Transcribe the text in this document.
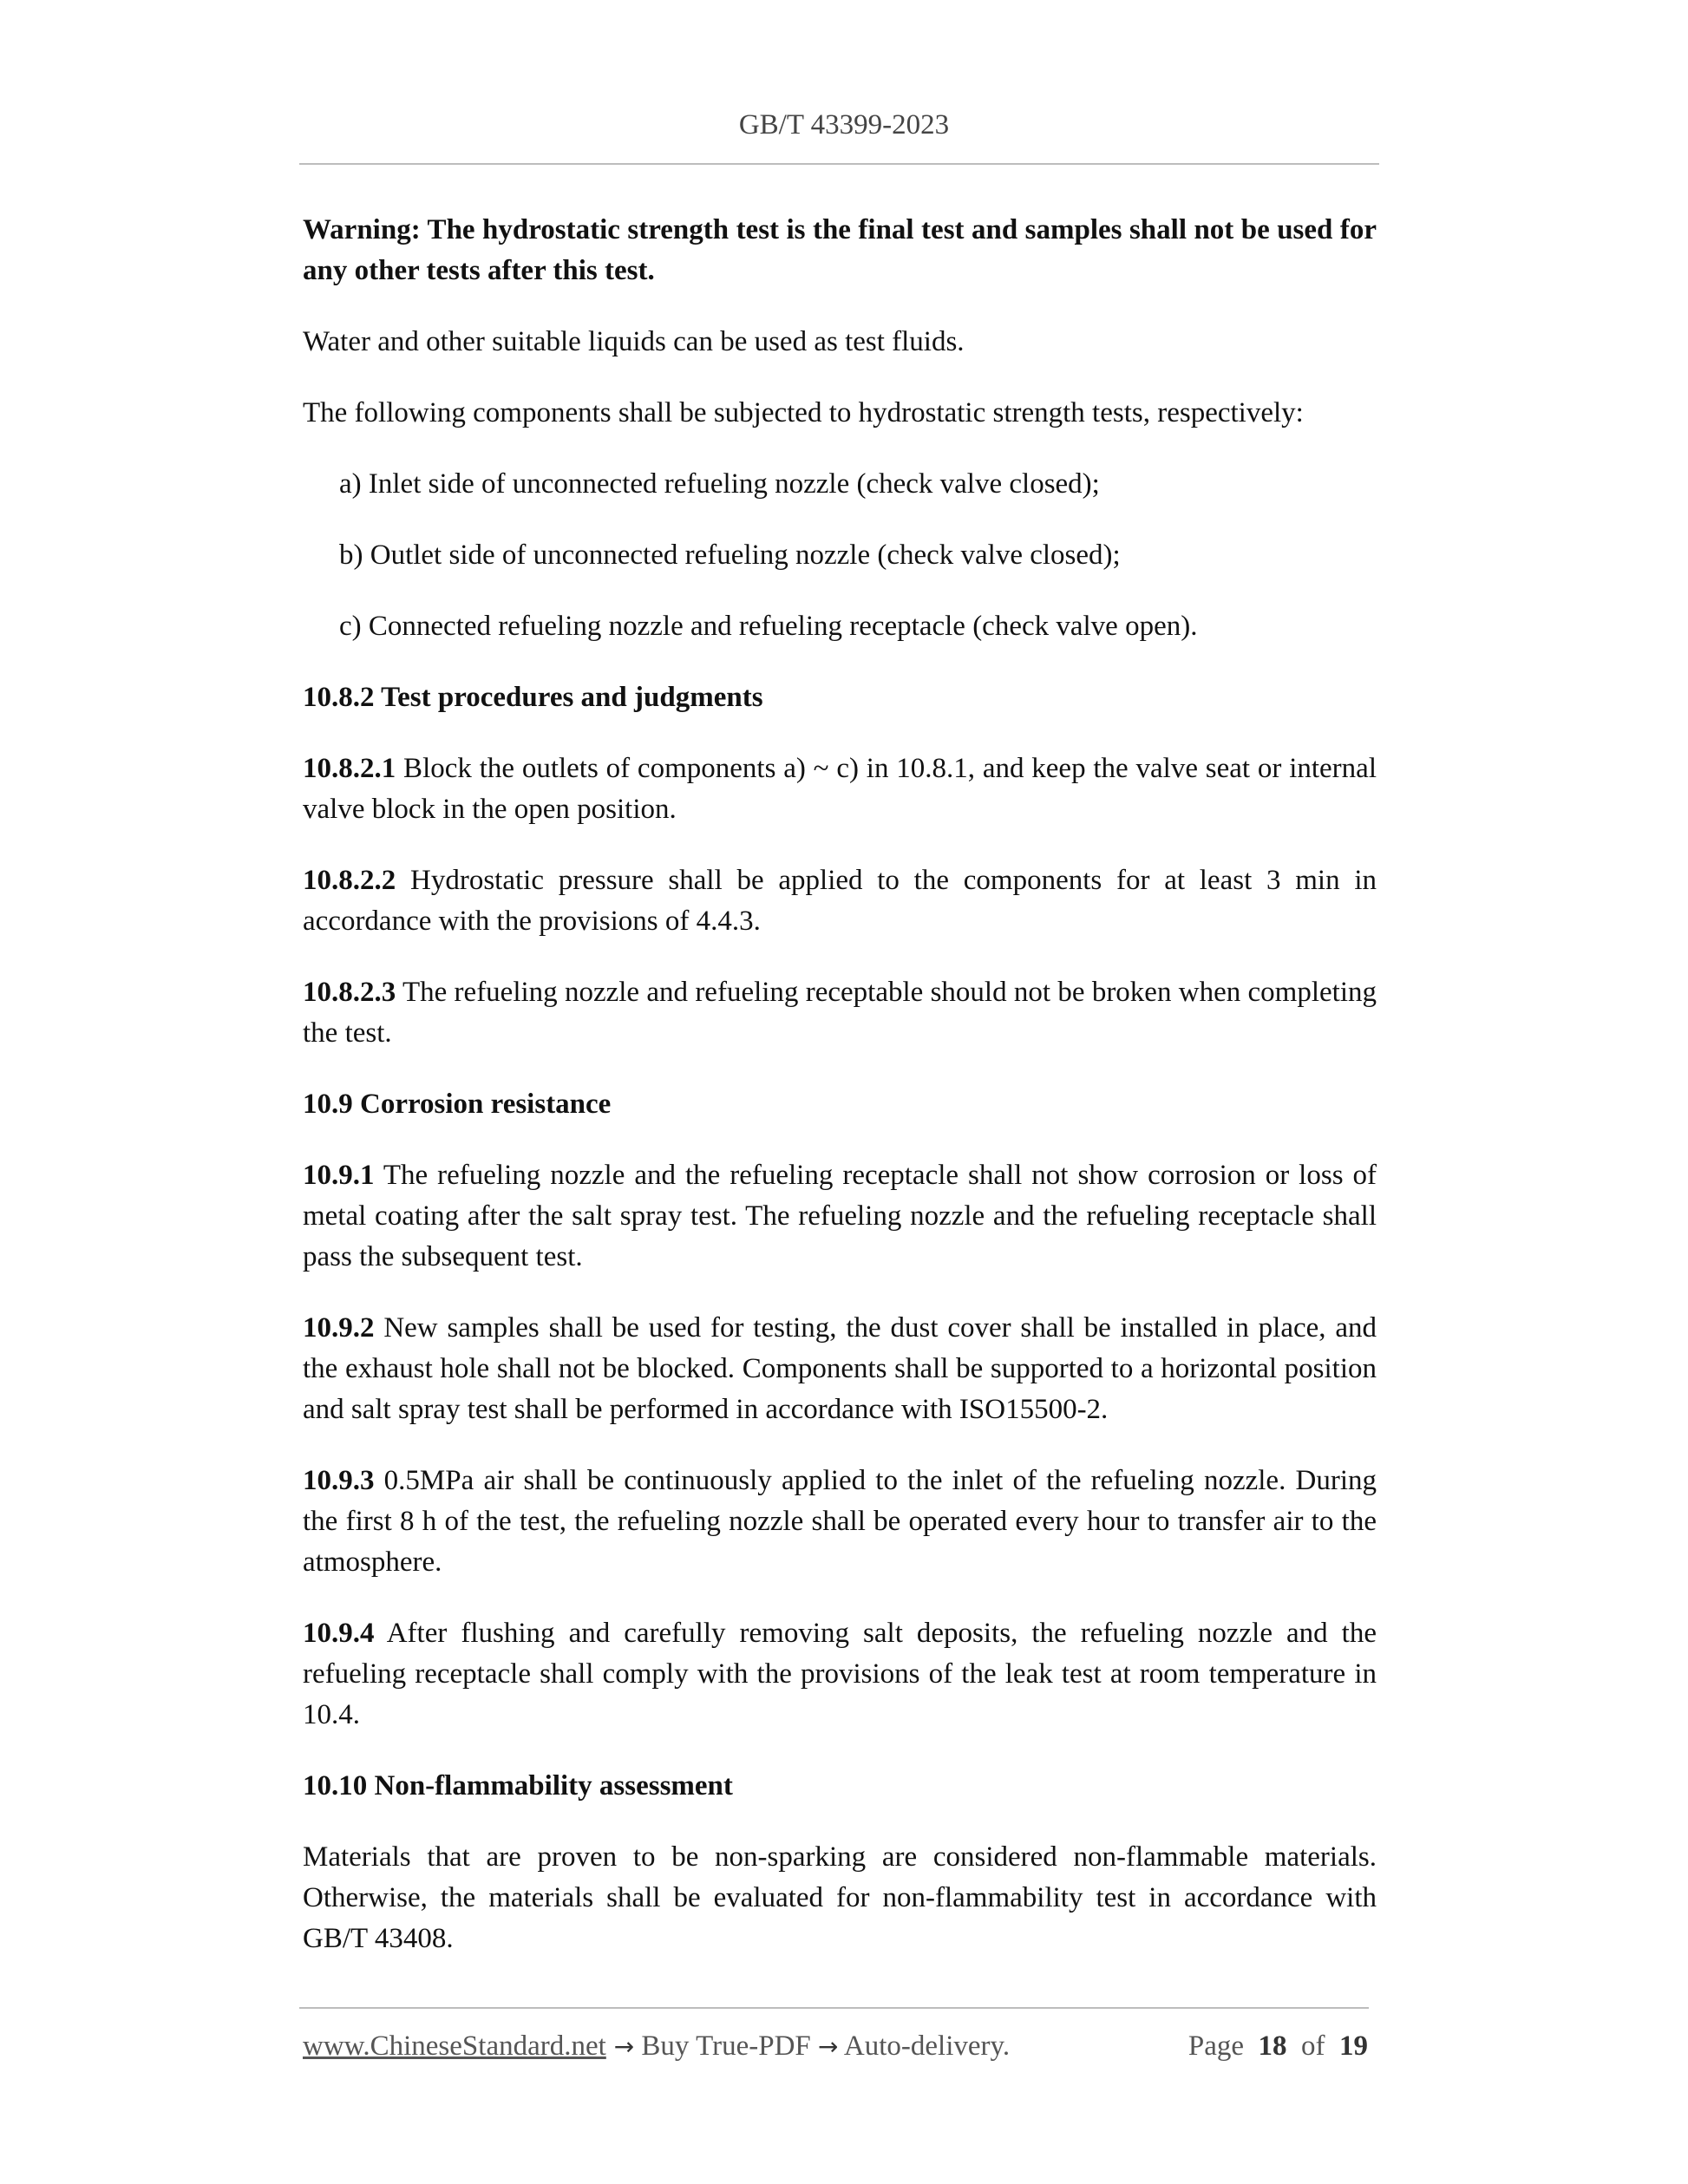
GB/T 43399-2023

Warning: The hydrostatic strength test is the final test and samples shall not be used for any other tests after this test.

Water and other suitable liquids can be used as test fluids.

The following components shall be subjected to hydrostatic strength tests, respectively:

a) Inlet side of unconnected refueling nozzle (check valve closed);

b) Outlet side of unconnected refueling nozzle (check valve closed);

c) Connected refueling nozzle and refueling receptacle (check valve open).

10.8.2 Test procedures and judgments

10.8.2.1 Block the outlets of components a) ~ c) in 10.8.1, and keep the valve seat or internal valve block in the open position.

10.8.2.2 Hydrostatic pressure shall be applied to the components for at least 3 min in accordance with the provisions of 4.4.3.

10.8.2.3 The refueling nozzle and refueling receptable should not be broken when completing the test.

10.9 Corrosion resistance

10.9.1 The refueling nozzle and the refueling receptacle shall not show corrosion or loss of metal coating after the salt spray test. The refueling nozzle and the refueling receptacle shall pass the subsequent test.

10.9.2 New samples shall be used for testing, the dust cover shall be installed in place, and the exhaust hole shall not be blocked. Components shall be supported to a horizontal position and salt spray test shall be performed in accordance with ISO15500-2.

10.9.3 0.5MPa air shall be continuously applied to the inlet of the refueling nozzle. During the first 8 h of the test, the refueling nozzle shall be operated every hour to transfer air to the atmosphere.

10.9.4 After flushing and carefully removing salt deposits, the refueling nozzle and the refueling receptacle shall comply with the provisions of the leak test at room temperature in 10.4.

10.10 Non-flammability assessment

Materials that are proven to be non-sparking are considered non-flammable materials. Otherwise, the materials shall be evaluated for non-flammability test in accordance with GB/T 43408.

www.ChineseStandard.net → Buy True-PDF → Auto-delivery.	Page 18 of 19
